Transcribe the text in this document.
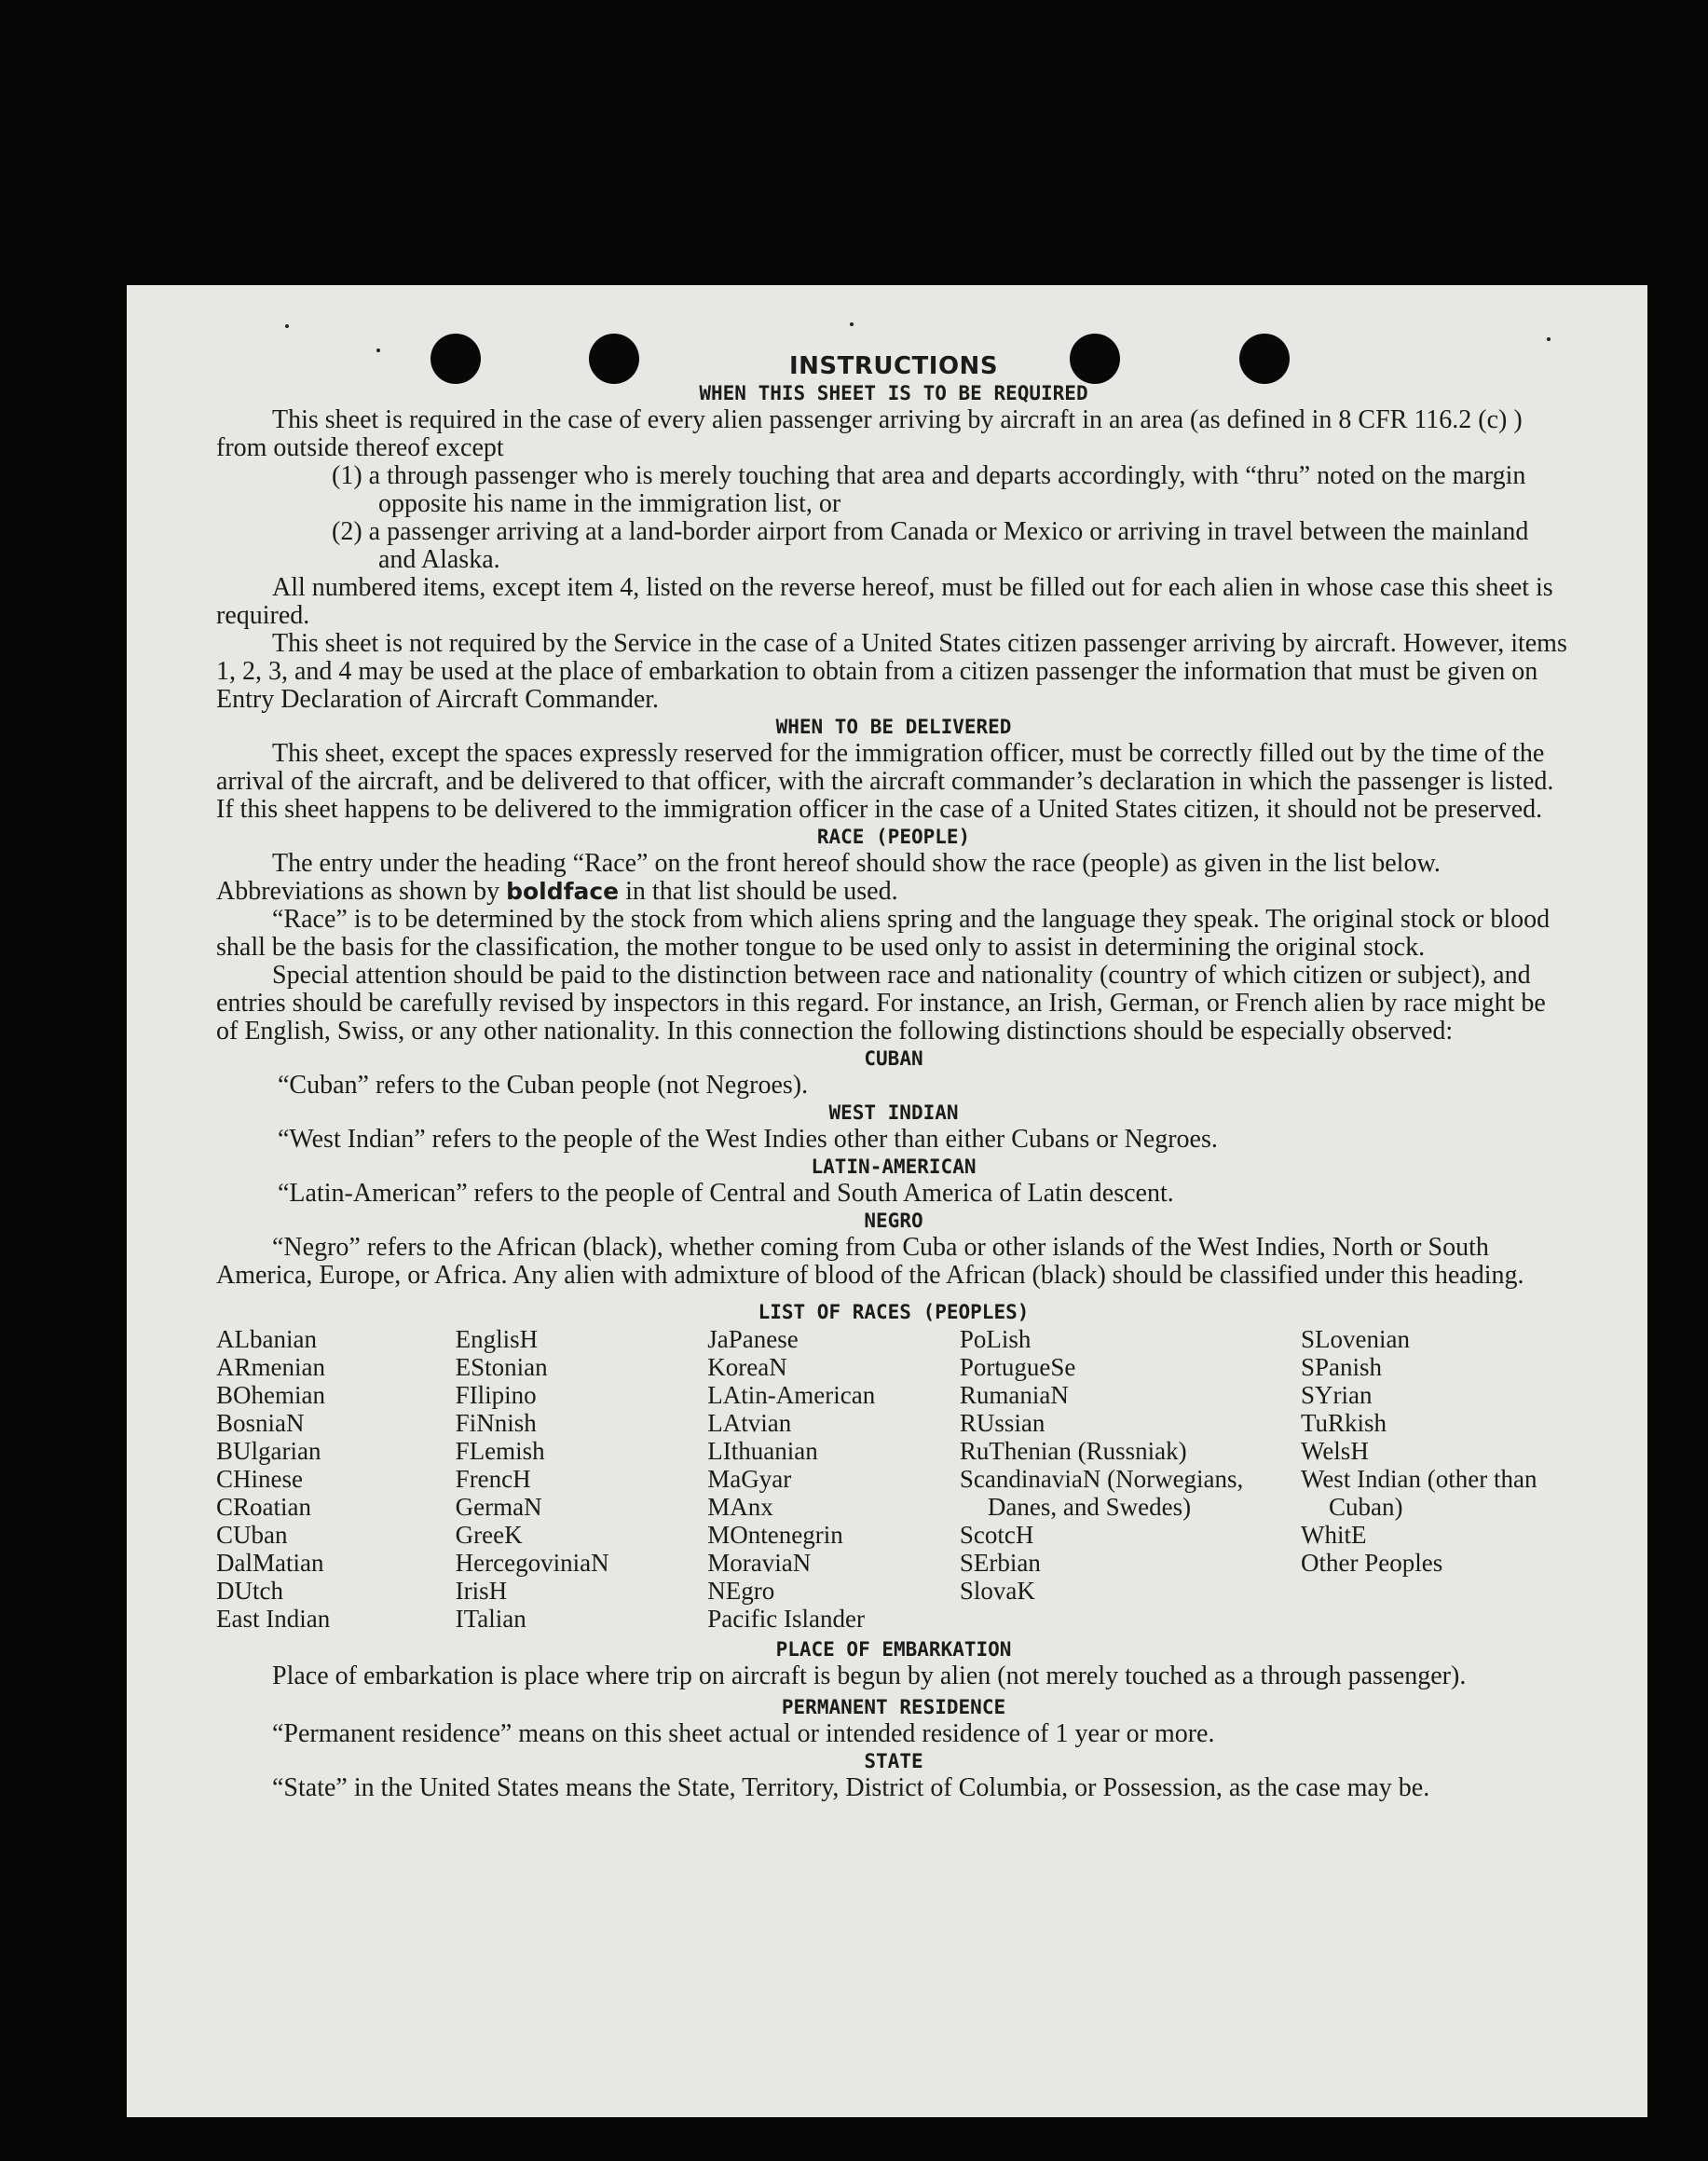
INSTRUCTIONS
WHEN THIS SHEET IS TO BE REQUIRED

This sheet is required in the case of every alien passenger arriving by aircraft in an area (as defined in 8 CFR 116.2 (c) ) from outside thereof except

(1) a through passenger who is merely touching that area and departs accordingly, with “thru” noted on the margin opposite his name in the immigration list, or

(2) a passenger arriving at a land-border airport from Canada or Mexico or arriving in travel between the mainland and Alaska.

All numbered items, except item 4, listed on the reverse hereof, must be filled out for each alien in whose case this sheet is required.

This sheet is not required by the Service in the case of a United States citizen passenger arriving by aircraft. However, items 1, 2, 3, and 4 may be used at the place of embarkation to obtain from a citizen passenger the information that must be given on Entry Declaration of Aircraft Commander.

WHEN TO BE DELIVERED

This sheet, except the spaces expressly reserved for the immigration officer, must be correctly filled out by the time of the arrival of the aircraft, and be delivered to that officer, with the aircraft commander’s declaration in which the passenger is listed. If this sheet happens to be delivered to the immigration officer in the case of a United States citizen, it should not be preserved.

RACE (PEOPLE)

The entry under the heading “Race” on the front hereof should show the race (people) as given in the list below. Abbreviations as shown by boldface in that list should be used.

“Race” is to be determined by the stock from which aliens spring and the language they speak. The original stock or blood shall be the basis for the classification, the mother tongue to be used only to assist in determining the original stock.

Special attention should be paid to the distinction between race and nationality (country of which citizen or subject), and entries should be carefully revised by inspectors in this regard. For instance, an Irish, German, or French alien by race might be of English, Swiss, or any other nationality. In this connection the following distinctions should be especially observed:

CUBAN

“Cuban” refers to the Cuban people (not Negroes).

WEST INDIAN

“West Indian” refers to the people of the West Indies other than either Cubans or Negroes.

LATIN-AMERICAN

“Latin-American” refers to the people of Central and South America of Latin descent.

NEGRO

“Negro” refers to the African (black), whether coming from Cuba or other islands of the West Indies, North or South America, Europe, or Africa. Any alien with admixture of blood of the African (black) should be classified under this heading.

LIST OF RACES (PEOPLES)
ALbanian
ARmenian
BOhemian
BosniaN
BUlgarian
CHinese
CRoatian
CUban
DalMatian
DUtch
East Indian
EnglisH
EStonian
FIlipino
FiNnish
FLemish
FrencH
GermaN
GreeK
HercegoviniaN
IrisH
ITalian
JaPanese
KoreaN
LAtin-American
LAtvian
LIthuanian
MaGyar
MAnx
MOntenegrin
MoraviaN
NEgro
Pacific Islander
PoLish
PortugueSe
RumaniaN
RUssian
RuThenian (Russniak)
ScandinaviaN (Norwegians, Danes, and Swedes)
ScotcH
SErbian
SlovaK
SLovenian
SPanish
SYrian
TuRkish
WelsH
West Indian (other than Cuban)
WhitE
Other Peoples
PLACE OF EMBARKATION

Place of embarkation is place where trip on aircraft is begun by alien (not merely touched as a through passenger).

PERMANENT RESIDENCE

“Permanent residence” means on this sheet actual or intended residence of 1 year or more.

STATE

“State” in the United States means the State, Territory, District of Columbia, or Possession, as the case may be.
